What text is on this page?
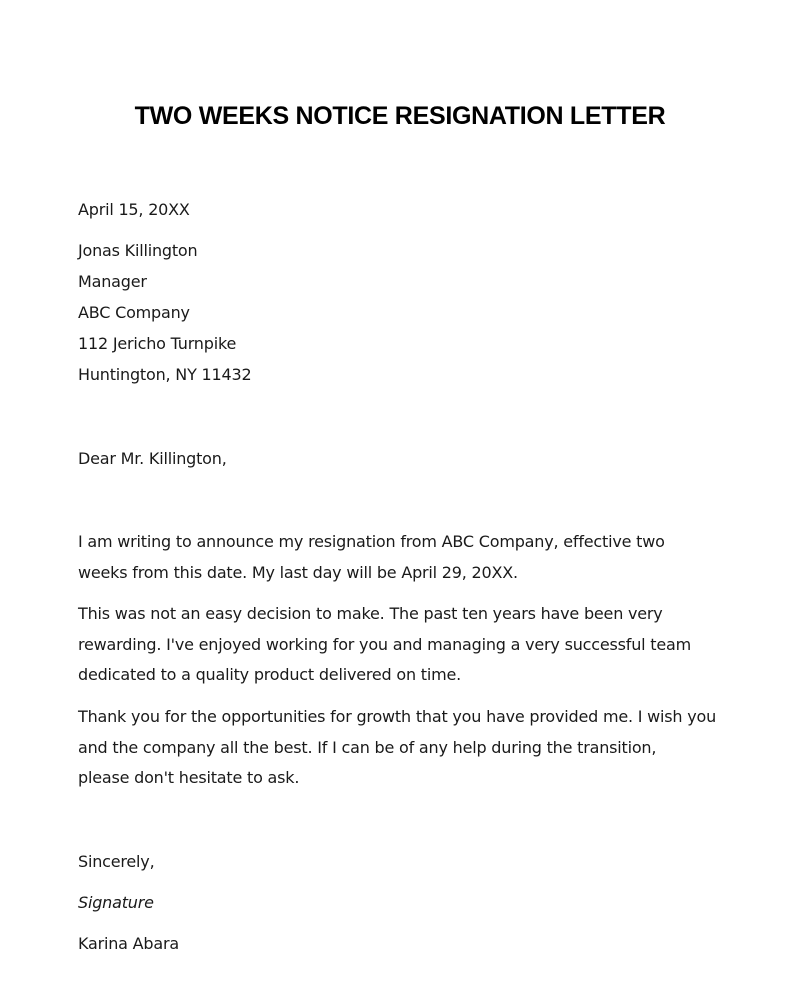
TWO WEEKS NOTICE RESIGNATION LETTER
April 15, 20XX
Jonas Killington
Manager
ABC Company
112 Jericho Turnpike
Huntington, NY 11432
Dear Mr. Killington,
I am writing to announce my resignation from ABC Company, effective two
weeks from this date. My last day will be April 29, 20XX.
This was not an easy decision to make. The past ten years have been very
rewarding. I've enjoyed working for you and managing a very successful team
dedicated to a quality product delivered on time.
Thank you for the opportunities for growth that you have provided me. I wish you
and the company all the best. If I can be of any help during the transition,
please don't hesitate to ask.
Sincerely,
Signature
Karina Abara
